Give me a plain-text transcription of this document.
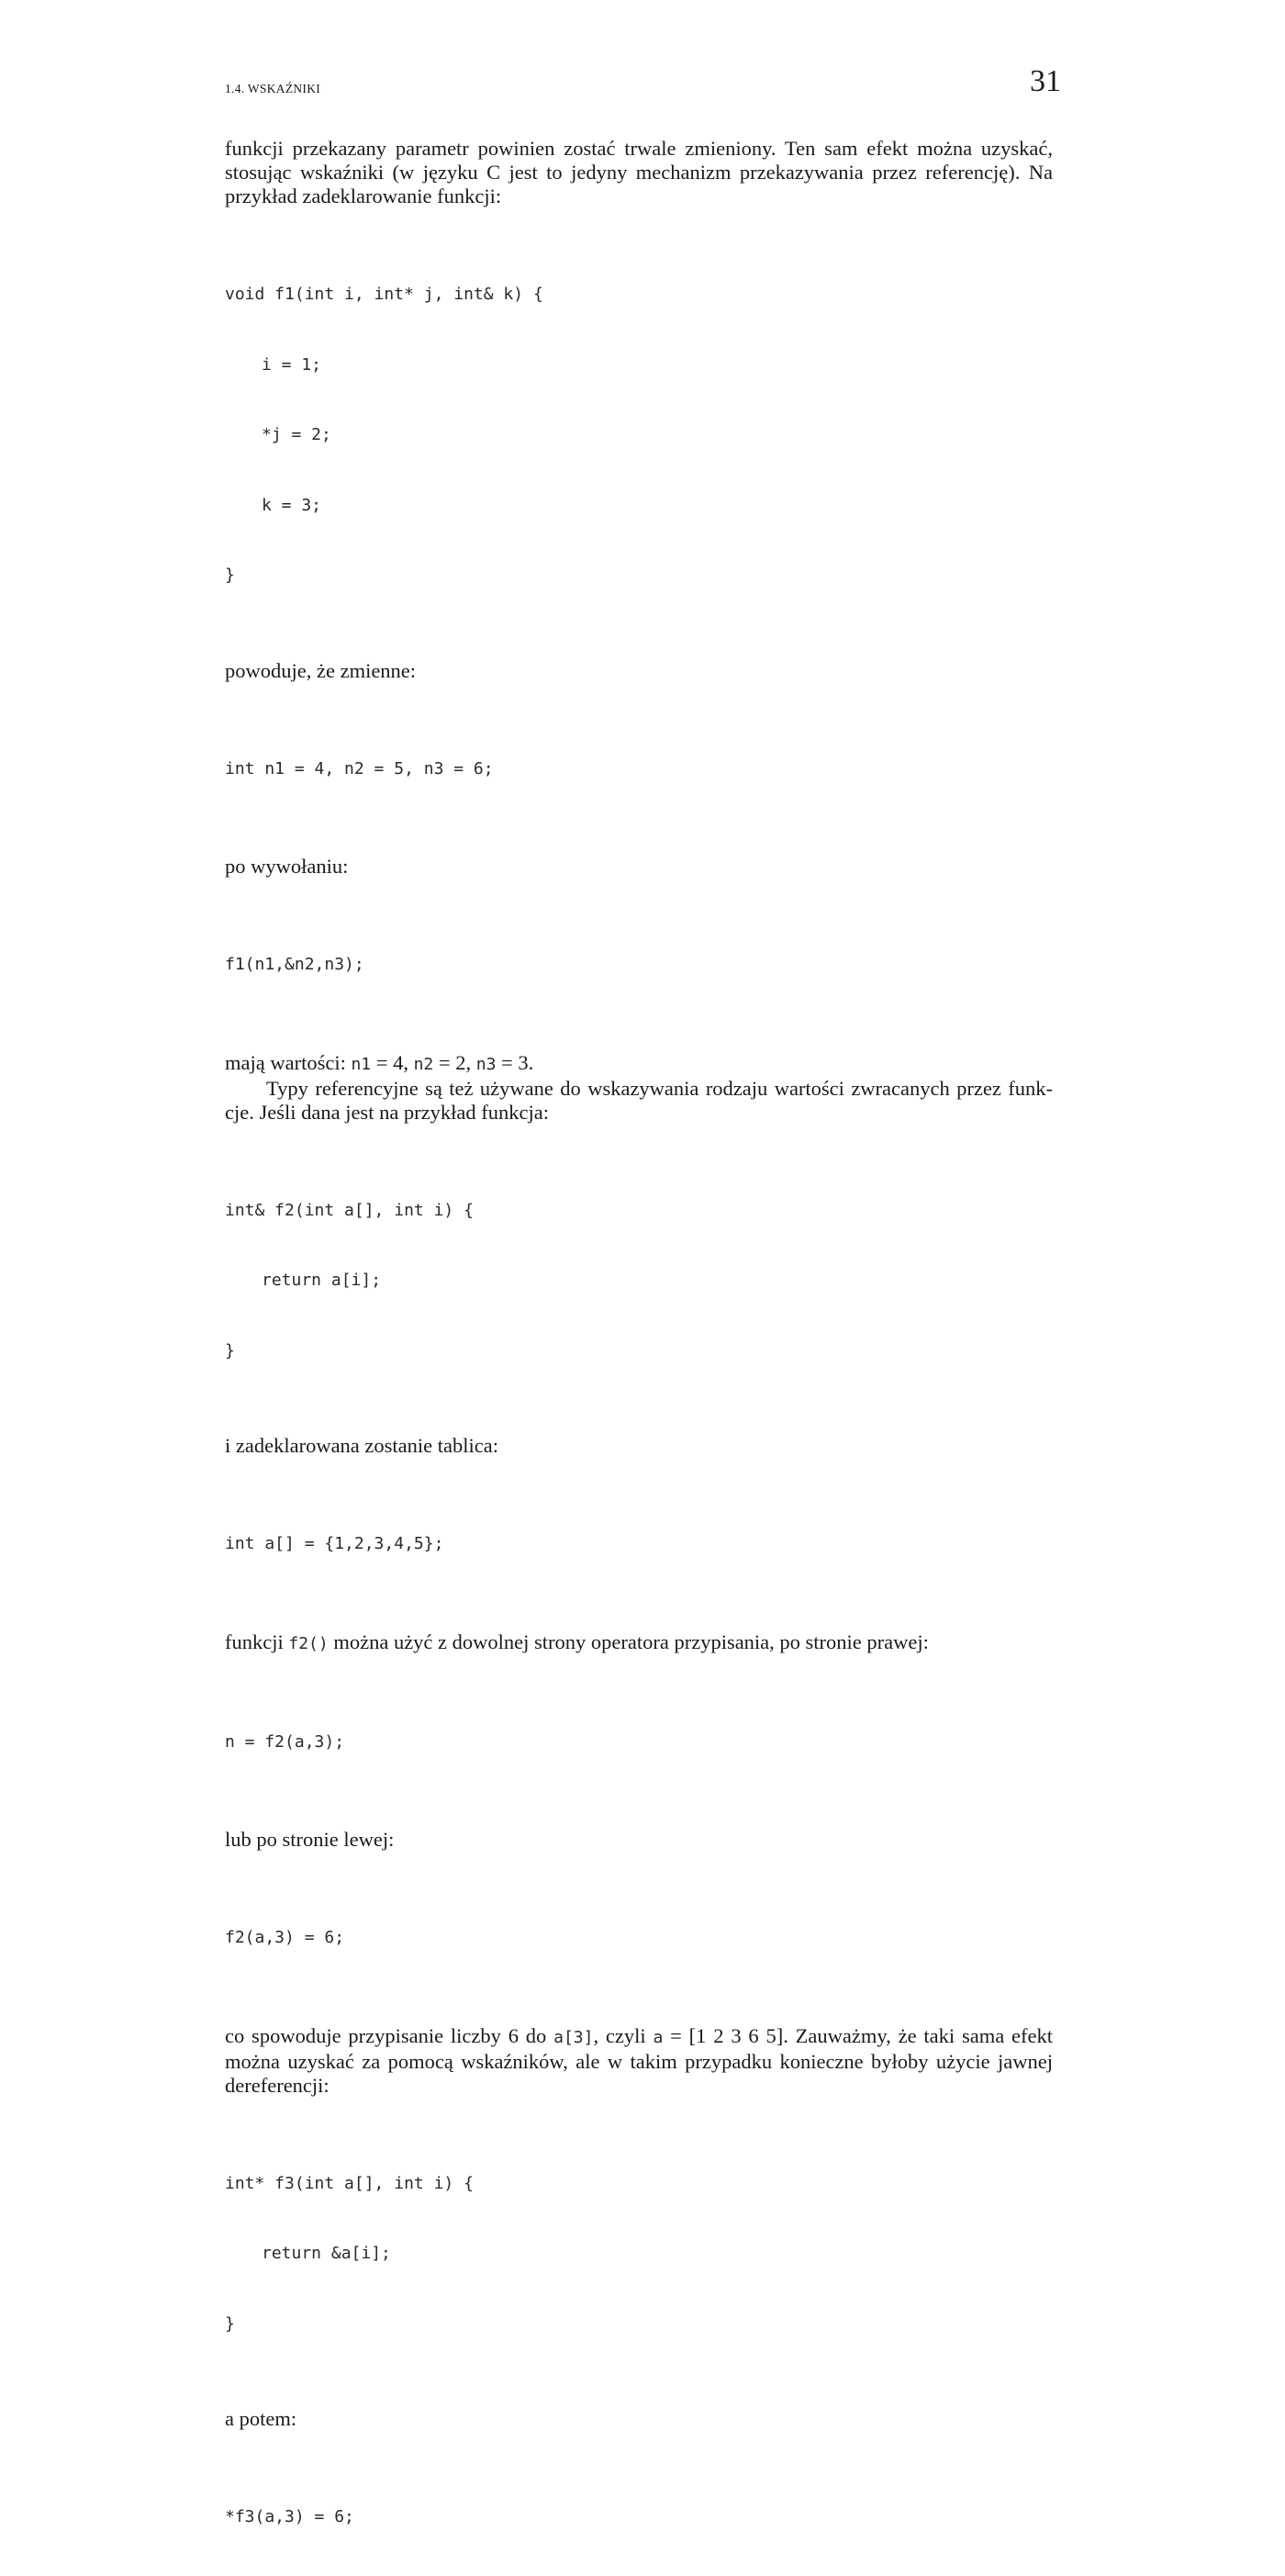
1.4. WSKAŹNIKI	31

funkcji przekazany parametr powinien zostać trwale zmieniony. Ten sam efekt można uzyskać,
stosując wskaźniki (w języku C jest to jedyny mechanizm przekazywania przez referencję). Na
przykład zadeklarowanie funkcji:

void f1(int i, int* j, int& k) {

i = 1;

*j = 2;

k = 3;

}

powoduje, że zmienne:

int n1 = 4, n2 = 5, n3 = 6;

po wywołaniu:

f1(n1,&n2,n3);

mają wartości: n1 = 4, n2 = 2, n3 = 3.

Typy referencyjne są też używane do wskazywania rodzaju wartości zwracanych przez funk-
cje. Jeśli dana jest na przykład funkcja:

int& f2(int a[], int i) {

return a[i];

}

i zadeklarowana zostanie tablica:

int a[] = {1,2,3,4,5};

funkcji f2() można użyć z dowolnej strony operatora przypisania, po stronie prawej:

n = f2(a,3);

lub po stronie lewej:

f2(a,3) = 6;

co spowoduje przypisanie liczby 6 do a[3], czyli a = [1 2 3 6 5]. Zauważmy, że taki sama efekt
można uzyskać za pomocą wskaźników, ale w takim przypadku konieczne byłoby użycie jawnej
dereferencji:

int* f3(int a[], int i) {

return &a[i];

}

a potem:

*f3(a,3) = 6;
